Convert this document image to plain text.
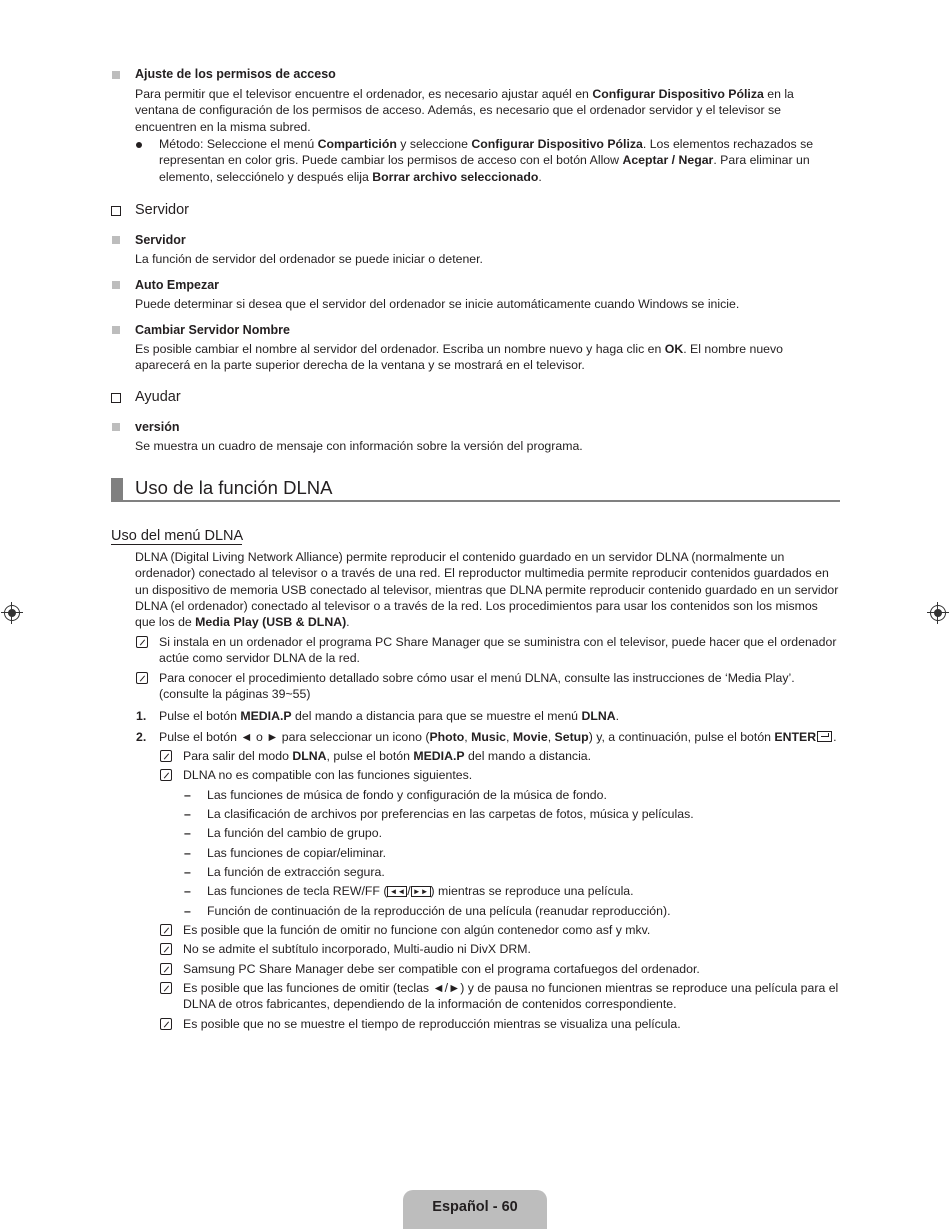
Ajuste de los permisos de acceso
Para permitir que el televisor encuentre el ordenador, es necesario ajustar aquél en Configurar Dispositivo Póliza en la ventana de configuración de los permisos de acceso. Además, es necesario que el ordenador servidor y el televisor se encuentren en la misma subred.
Método: Seleccione el menú Compartición y seleccione Configurar Dispositivo Póliza. Los elementos rechazados se representan en color gris. Puede cambiar los permisos de acceso con el botón Allow Aceptar / Negar. Para eliminar un elemento, selecciónelo y después elija Borrar archivo seleccionado.
Servidor
Servidor
La función de servidor del ordenador se puede iniciar o detener.
Auto Empezar
Puede determinar si desea que el servidor del ordenador se inicie automáticamente cuando Windows se inicie.
Cambiar Servidor Nombre
Es posible cambiar el nombre al servidor del ordenador. Escriba un nombre nuevo y haga clic en OK. El nombre nuevo aparecerá en la parte superior derecha de la ventana y se mostrará en el televisor.
Ayudar
versión
Se muestra un cuadro de mensaje con información sobre la versión del programa.
Uso de la función DLNA
Uso del menú DLNA
DLNA (Digital Living Network Alliance) permite reproducir el contenido guardado en un servidor DLNA (normalmente un ordenador) conectado al televisor o a través de una red. El reproductor multimedia permite reproducir contenidos guardados en un dispositivo de memoria USB conectado al televisor, mientras que DLNA permite reproducir contenido guardado en un servidor DLNA (el ordenador) conectado al televisor o a través de la red. Los procedimientos para usar los contenidos son los mismos que los de Media Play (USB & DLNA).
Si instala en un ordenador el programa PC Share Manager que se suministra con el televisor, puede hacer que el ordenador actúe como servidor DLNA de la red.
Para conocer el procedimiento detallado sobre cómo usar el menú DLNA, consulte las instrucciones de ‘Media Play’. (consulte la páginas 39~55)
1. Pulse el botón MEDIA.P del mando a distancia para que se muestre el menú DLNA.
2. Pulse el botón ◄ o ► para seleccionar un icono (Photo, Music, Movie, Setup) y, a continuación, pulse el botón ENTER .
Para salir del modo DLNA, pulse el botón MEDIA.P del mando a distancia.
DLNA no es compatible con las funciones siguientes.
– Las funciones de música de fondo y configuración de la música de fondo.
– La clasificación de archivos por preferencias en las carpetas de fotos, música y películas.
– La función del cambio de grupo.
– Las funciones de copiar/eliminar.
– La función de extracción segura.
– Las funciones de tecla REW/FF ( ◄◄ / ►► ) mientras se reproduce una película.
– Función de continuación de la reproducción de una película (reanudar reproducción).
Es posible que la función de omitir no funcione con algún contenedor como asf y mkv.
No se admite el subtítulo incorporado, Multi-audio ni DivX DRM.
Samsung PC Share Manager debe ser compatible con el programa cortafuegos del ordenador.
Es posible que las funciones de omitir (teclas ◄/►) y de pausa no funcionen mientras se reproduce una película para el DLNA de otros fabricantes, dependiendo de la información de contenidos correspondiente.
Es posible que no se muestre el tiempo de reproducción mientras se visualiza una película.
Español - 60
